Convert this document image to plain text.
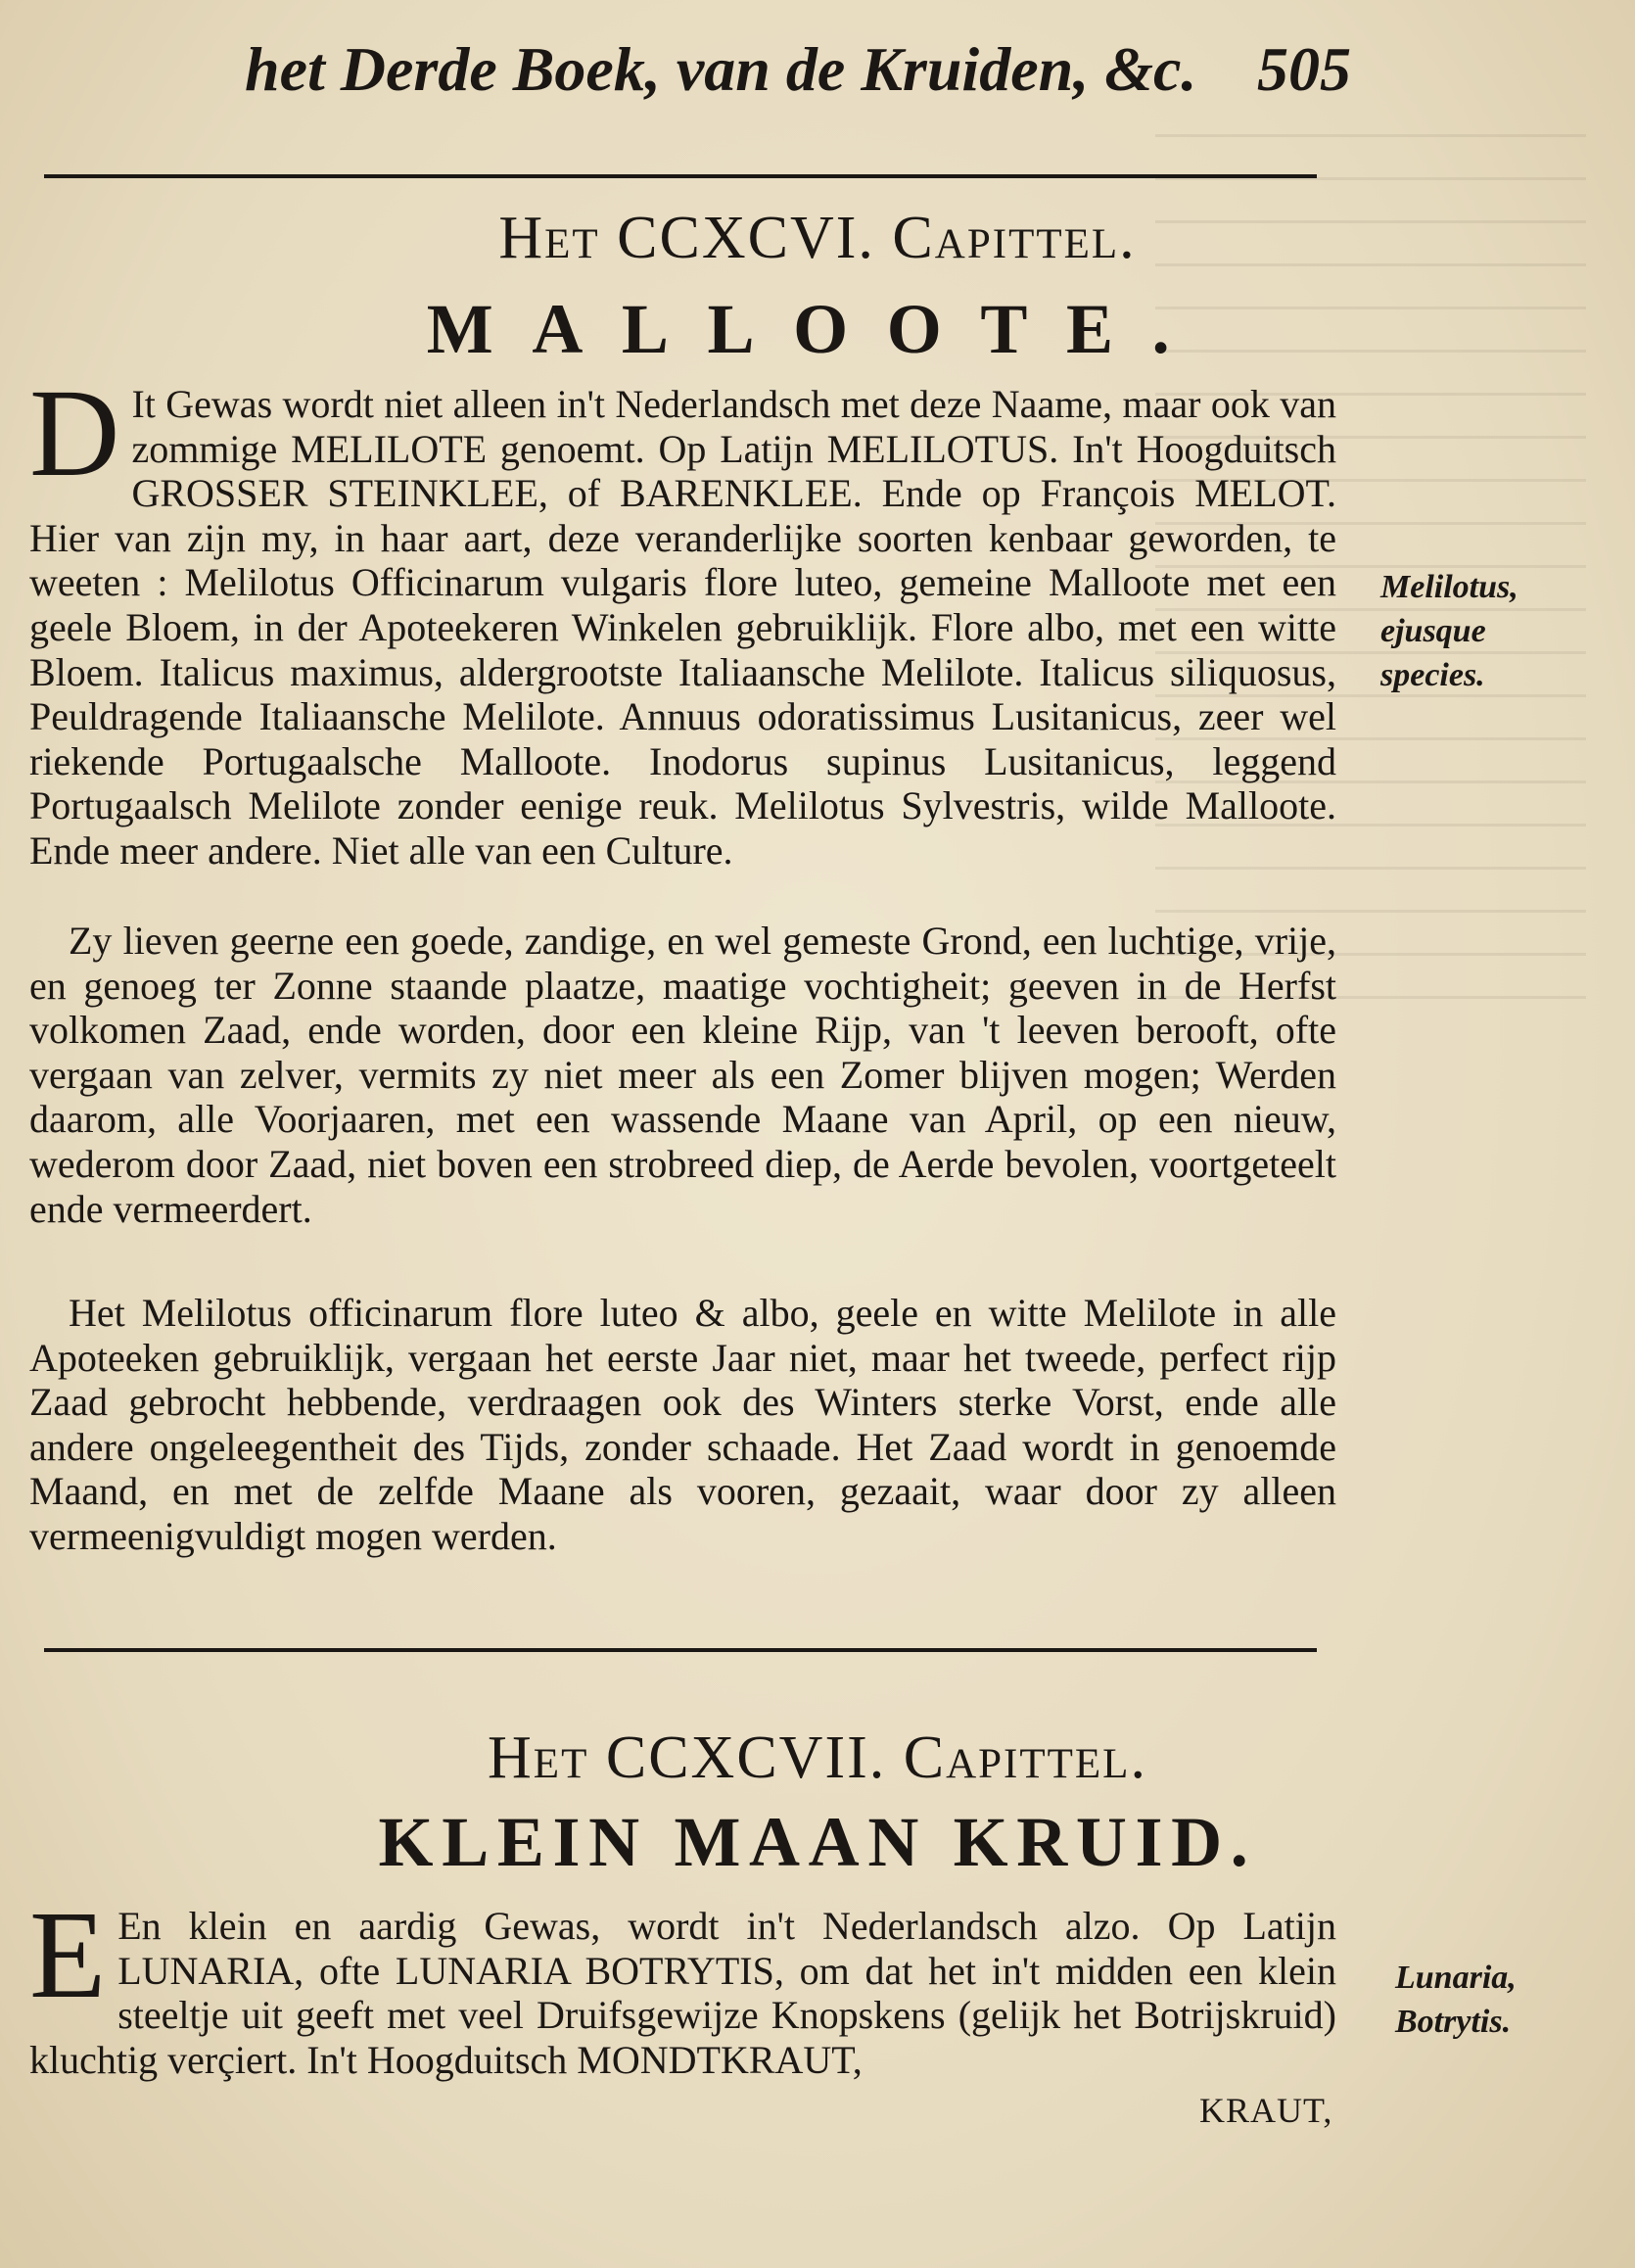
het Derde Boek, van de Kruiden, &c. 505
Het CCXCVI. Capittel.
MALLOOTE.
D It Gewas wordt niet alleen in't Nederlandsch met deze Naame, maar ook van zommige MELILOTE genoemt. Op Latijn MELILOTUS. In't Hoogduitsch GROSSER STEINKLEE, of BARENKLEE. Ende op François MELOT. Hier van zijn my, in haar aart, deze veranderlijke soorten kenbaar geworden, te weeten : Melilotus Officinarum vulgaris flore luteo, gemeine Malloote met een geele Bloem, in der Apoteekeren Winkelen gebruiklijk. Flore albo, met een witte Bloem. Italicus maximus, aldergrootste Italiaansche Melilote. Italicus siliquosus, Peuldragende Italiaansche Melilote. Annuus odoratissimus Lusitanicus, zeer wel riekende Portugaalsche Malloote. Inodorus supinus Lusitanicus, leggend Portugaalsch Melilote zonder eenige reuk. Melilotus Sylvestris, wilde Malloote. Ende meer andere. Niet alle van een Culture.
Melilotus, ejusque species.
Zy lieven geerne een goede, zandige, en wel gemeste Grond, een luchtige, vrije, en genoeg ter Zonne staande plaatze, maatige vochtigheit; geeven in de Herfst volkomen Zaad, ende worden, door een kleine Rijp, van 't leeven berooft, ofte vergaan van zelver, vermits zy niet meer als een Zomer blijven mogen; Werden daarom, alle Voorjaaren, met een wassende Maane van April, op een nieuw, wederom door Zaad, niet boven een strobreed diep, de Aerde bevolen, voortgeteelt ende vermeerdert.
Het Melilotus officinarum flore luteo & albo, geele en witte Melilote in alle Apoteeken gebruiklijk, vergaan het eerste Jaar niet, maar het tweede, perfect rijp Zaad gebrocht hebbende, verdraagen ook des Winters sterke Vorst, ende alle andere ongeleegentheit des Tijds, zonder schaade. Het Zaad wordt in genoemde Maand, en met de zelfde Maane als vooren, gezaait, waar door zy alleen vermeenigvuldigt mogen werden.
Het CCXCVII. Capittel.
KLEIN MAAN KRUID.
E En klein en aardig Gewas, wordt in't Nederlandsch alzo. Op Latijn LUNARIA, ofte LUNARIA BOTRYTIS, om dat het in't midden een klein steeltje uit geeft met veel Druifsgewijze Knopskens (gelijk het Botrijskruid) kluchtig verçiert. In't Hoogduitsch MONDTKRAUT,
Lunaria, Botrytis.
KRAUT,
